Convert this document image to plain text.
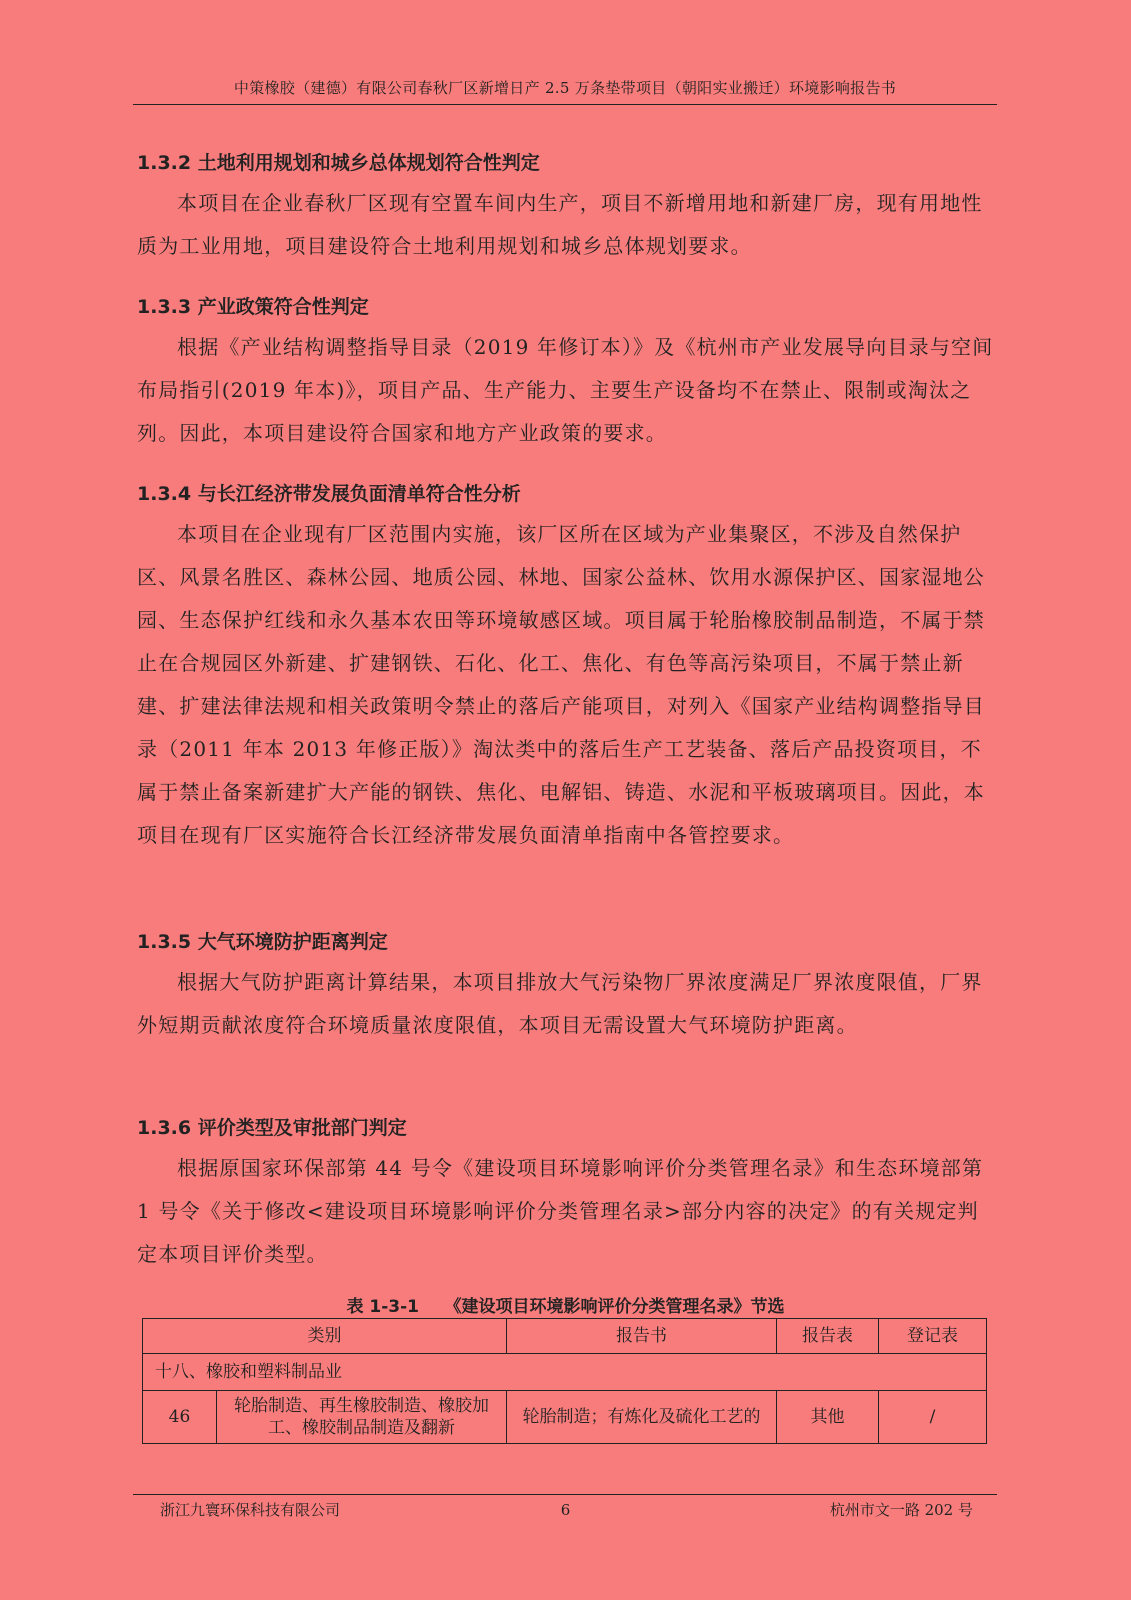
中策橡胶（建德）有限公司春秋厂区新增日产 2.5 万条垫带项目（朝阳实业搬迁）环境影响报告书
1.3.2 土地利用规划和城乡总体规划符合性判定

本项目在企业春秋厂区现有空置车间内生产，项目不新增用地和新建厂房，现有用地性质为工业用地，项目建设符合土地利用规划和城乡总体规划要求。

1.3.3 产业政策符合性判定

根据《产业结构调整指导目录（2019 年修订本）》及《杭州市产业发展导向目录与空间布局指引(2019 年本)》，项目产品、生产能力、主要生产设备均不在禁止、限制或淘汰之列。因此，本项目建设符合国家和地方产业政策的要求。

1.3.4 与长江经济带发展负面清单符合性分析

本项目在企业现有厂区范围内实施，该厂区所在区域为产业集聚区，不涉及自然保护区、风景名胜区、森林公园、地质公园、林地、国家公益林、饮用水源保护区、国家湿地公园、生态保护红线和永久基本农田等环境敏感区域。项目属于轮胎橡胶制品制造，不属于禁止在合规园区外新建、扩建钢铁、石化、化工、焦化、有色等高污染项目，不属于禁止新建、扩建法律法规和相关政策明令禁止的落后产能项目，对列入《国家产业结构调整指导目录（2011 年本 2013 年修正版）》淘汰类中的落后生产工艺装备、落后产品投资项目，不属于禁止备案新建扩大产能的钢铁、焦化、电解铝、铸造、水泥和平板玻璃项目。因此，本项目在现有厂区实施符合长江经济带发展负面清单指南中各管控要求。

1.3.5 大气环境防护距离判定

根据大气防护距离计算结果，本项目排放大气污染物厂界浓度满足厂界浓度限值，厂界外短期贡献浓度符合环境质量浓度限值，本项目无需设置大气环境防护距离。

1.3.6 评价类型及审批部门判定

根据原国家环保部第 44 号令《建设项目环境影响评价分类管理名录》和生态环境部第 1 号令《关于修改<建设项目环境影响评价分类管理名录>部分内容的决定》的有关规定判定本项目评价类型。

表 1-3-1　　《建设项目环境影响评价分类管理名录》节选
类别		报告书	报告表	登记表
十八、橡胶和塑料制品业				
46	轮胎制造、再生橡胶制造、橡胶加工、橡胶制品制造及翻新	轮胎制造；有炼化及硫化工艺的	其他	/
浙江九寰环保科技有限公司	6	杭州市文一路 202 号
